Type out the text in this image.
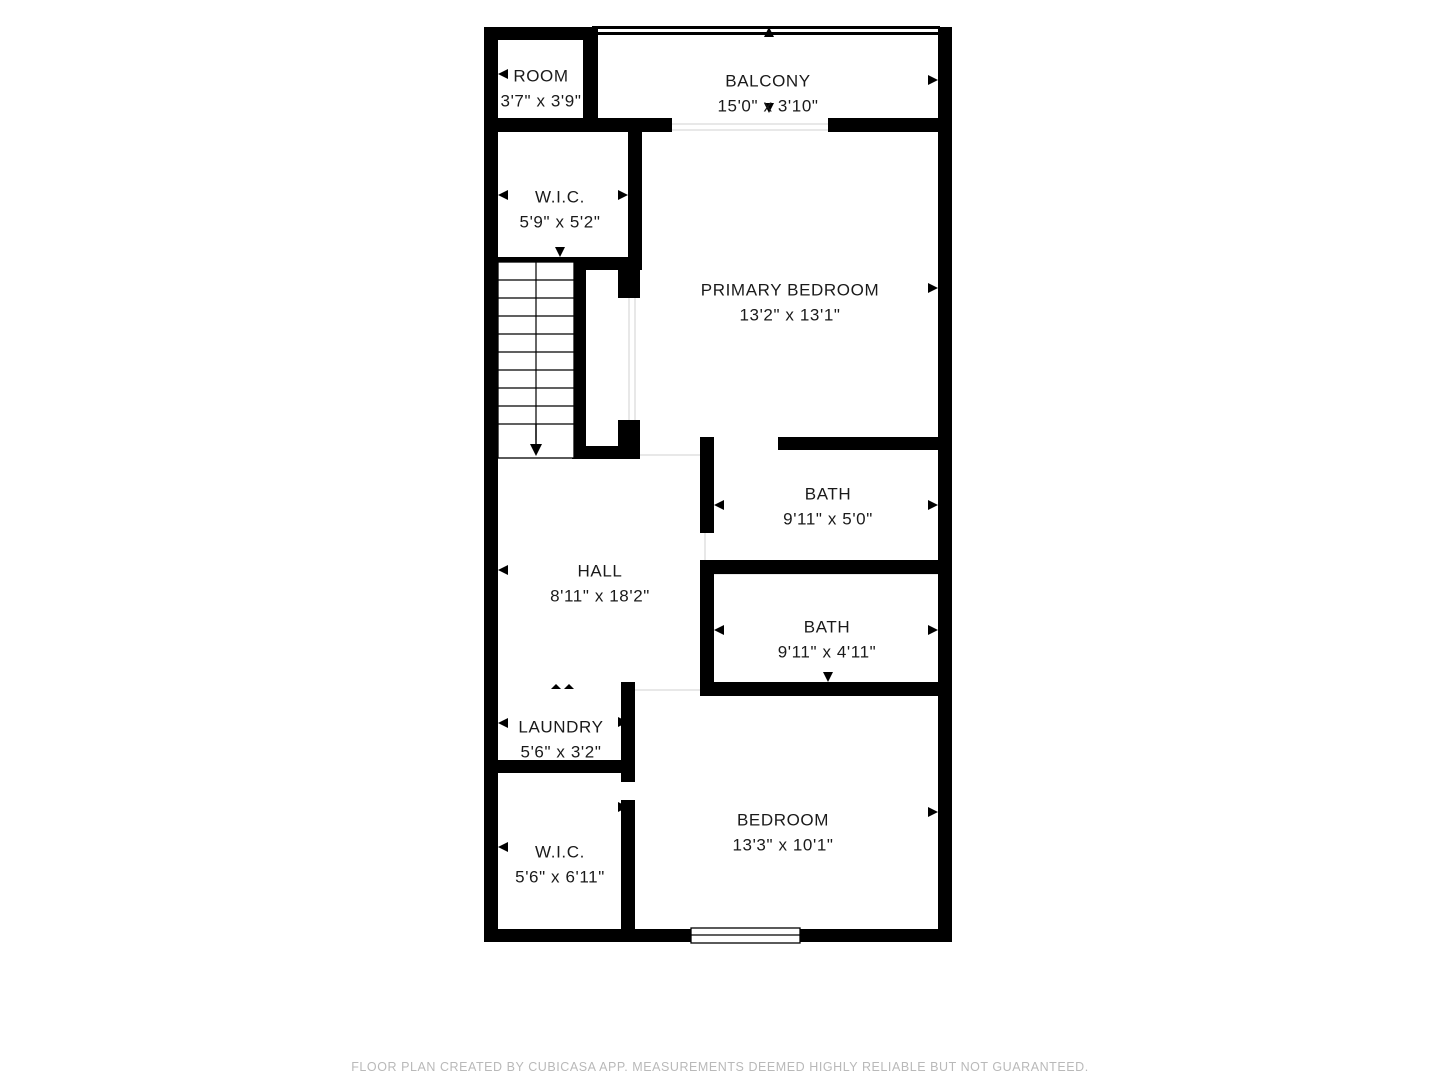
ROOM
3'7" x 3'9"
BALCONY
15'0" x 3'10"
W.I.C.
5'9" x 5'2"
PRIMARY BEDROOM
13'2" x 13'1"
BATH
9'11" x 5'0"
HALL
8'11" x 18'2"
BATH
9'11" x 4'11"
LAUNDRY
5'6" x 3'2"
BEDROOM
13'3" x 10'1"
W.I.C.
5'6" x 6'11"
FLOOR PLAN CREATED BY CUBICASA APP. MEASUREMENTS DEEMED HIGHLY RELIABLE BUT NOT GUARANTEED.
